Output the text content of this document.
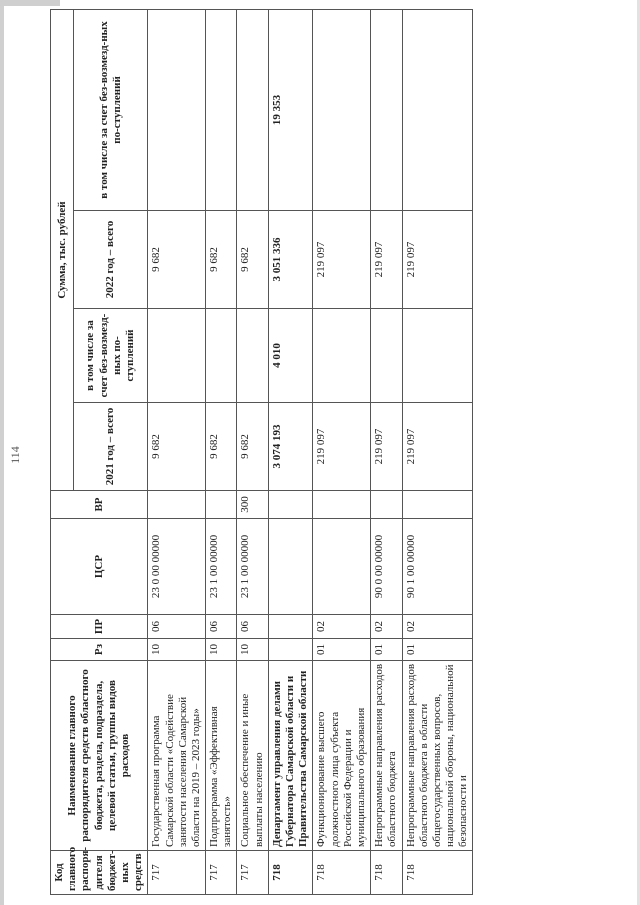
114
Код главного распоря-дителя бюджет-ных средств	Наименование главного распорядителя средств областного бюджета, раздела, подраздела, целевой статьи, группы видов расходов	Рз	ПР	ЦСР	ВР	Сумма, тыс. рублей			
						2021 год – всего	в том числе за счет без-возмезд-ных по-ступлений	2022 год – всего	в том числе за счет без-возмезд-ных по-ступлений
717	Государственная программа Самарской области «Содействие занятости населения Самарской области на 2019 – 2023 годы»	10	06	23 0 00 00000		9 682		9 682	
717	Подпрограмма «Эффективная занятость»	10	06	23 1 00 00000		9 682		9 682	
717	Социальное обеспечение и иные выплаты населению	10	06	23 1 00 00000	300	9 682		9 682	
718	Департамент управления делами Губернатора Самарской области и Правительства Самарской области					3 074 193	4 010	3 051 336	19 353
718	Функционирование высшего должностного лица субъекта Российской Федерации и муниципального образования	01	02			219 097		219 097	
718	Непрограммные направления расходов областного бюджета	01	02	90 0 00 00000		219 097		219 097	
718	Непрограммные направления расходов областного бюджета в области общегосударственных вопросов, национальной обороны, национальной безопасности и	01	02	90 1 00 00000		219 097		219 097	
